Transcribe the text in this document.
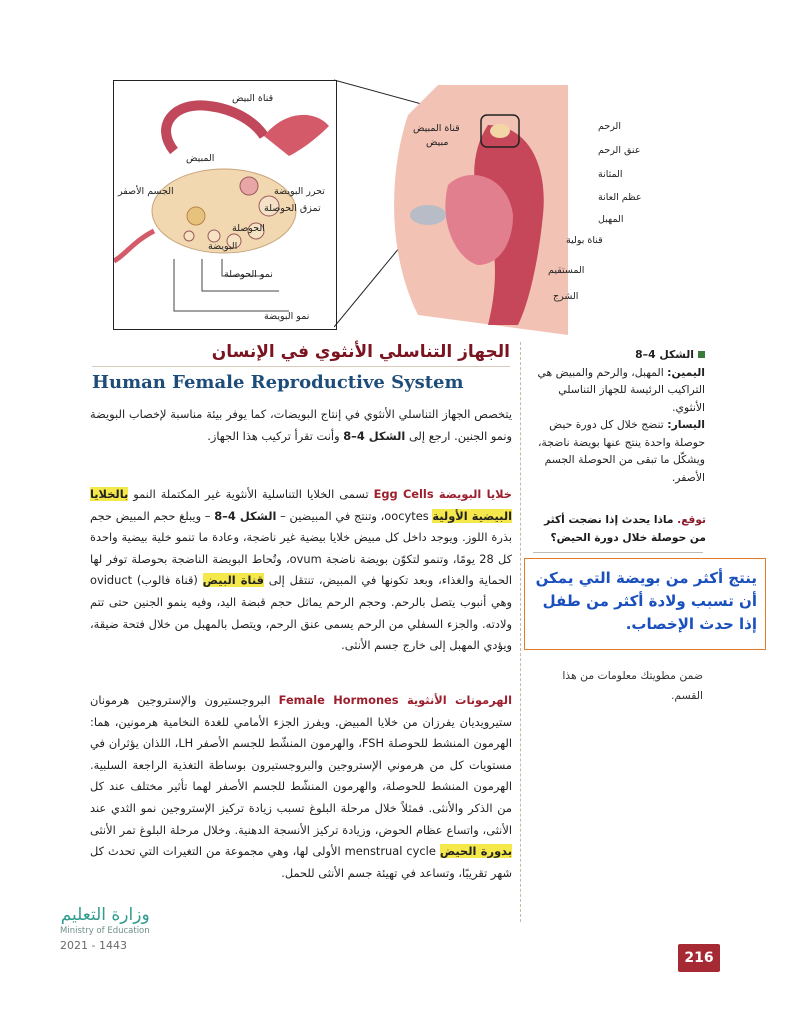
قناة البيض
المبيض
الجسم الأصفر	تحرر البويضة
تمزق الحوصلة
الحوصلة
البويضة
نمو الحوصلة
نمو البويضة
قناة المبيض
مبيض
الرحم
عنق الرحم
المثانة
عظم العانة
المهبل
قناة بولية
المستقيم
الشرج
الجهاز التناسلي الأنثوي في الإنسان
Human Female Reproductive System

يتخصص الجهاز التناسلي الأنثوي في إنتاج البويضات، كما يوفر بيئة مناسبة لإخصاب البويضة ونمو الجنين. ارجع إلى الشكل 4–8 وأنت تقرأ تركيب هذا الجهاز.

خلايا البويضة Egg Cells تسمى الخلايا التناسلية الأنثوية غير المكتملة النمو بالخلايا البيضية الأولية oocytes، وتنتج في المبيضين – الشكل 4–8 – ويبلغ حجم المبيض حجم بذرة اللوز. ويوجد داخل كل مبيض خلايا بيضية غير ناضجة، وعادة ما تنمو خلية بيضية واحدة كل 28 يومًا، وتنمو لتكوّن بويضة ناضجة ovum، وتُحاط البويضة الناضجة بحوصلة توفر لها الحماية والغذاء، وبعد تكونها في المبيض، تنتقل إلى قناة البيض (قناة فالوب) oviduct وهي أنبوب يتصل بالرحم. وحجم الرحم يماثل حجم قبضة اليد، وفيه ينمو الجنين حتى تتم ولادته. والجزء السفلي من الرحم يسمى عنق الرحم، ويتصل بالمهبل من خلال فتحة ضيقة، ويؤدي المهبل إلى خارج جسم الأنثى.

الهرمونات الأنثوية Female Hormones البروجستيرون والإستروجين هرمونان ستيرويديان يفرزان من خلايا المبيض. ويفرز الجزء الأمامي للغدة النخامية هرمونين، هما: الهرمون المنشط للحوصلة FSH، والهرمون المنشّط للجسم الأصفر LH، اللذان يؤثران في مستويات كل من هرموني الإستروجين والبروجستيرون بوساطة التغذية الراجعة السلبية. الهرمون المنشط للحوصلة، والهرمون المنشّط للجسم الأصفر لهما تأثير مختلف عند كل من الذكر والأنثى. فمثلاً خلال مرحلة البلوغ تسبب زيادة تركيز الإستروجين نمو الثدي عند الأنثى، واتساع عظام الحوض، وزيادة تركيز الأنسجة الدهنية. وخلال مرحلة البلوغ تمر الأنثى بدورة الحيض menstrual cycle الأولى لها، وهي مجموعة من التغيرات التي تحدث كل شهر تقريبًا، وتساعد في تهيئة جسم الأنثى للحمل.

الشكل 4–8
اليمين: المهبل، والرحم والمبيض هي التراكيب الرئيسة للجهاز التناسلي الأنثوي.
اليسار: تنضج خلال كل دورة حيض حوصلة واحدة ينتج عنها بويضة ناضجة، ويشكّل ما تبقى من الحوصلة الجسم الأصفر.
توقع. ماذا يحدث إذا نضجت أكثر من حوصلة خلال دورة الحيض؟
ينتج أكثر من بويضة التي يمكن أن تسبب ولادة أكثر من طفل إذا حدث الإخصاب.
ضمن مطويتك معلومات من هذا القسم.
وزارة التعليم
Ministry of Education
2021 - 1443
216
